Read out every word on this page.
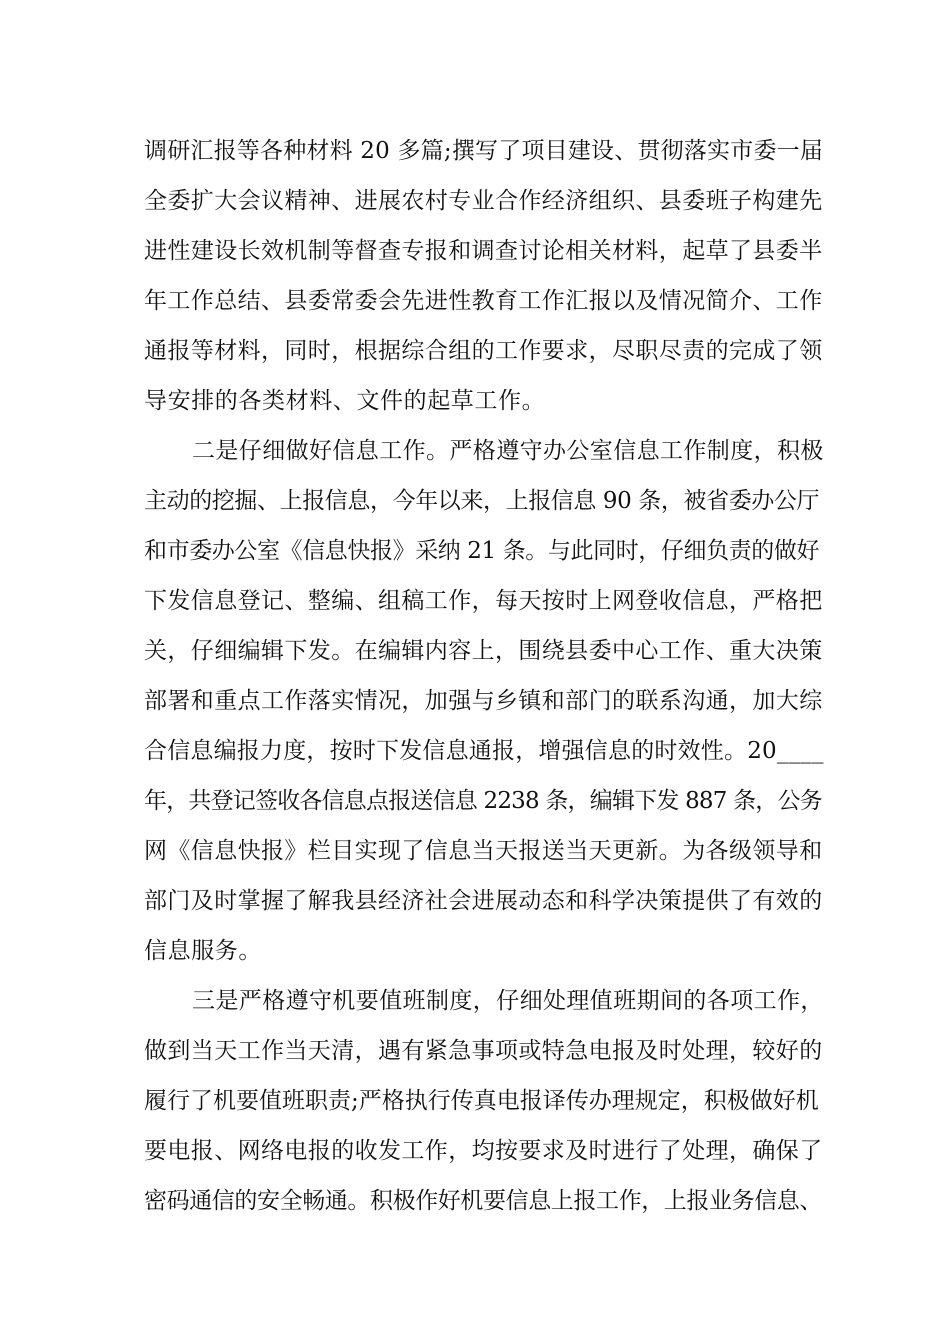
调研汇报等各种材料 20 多篇;撰写了项目建设、贯彻落实市委一届
全委扩大会议精神、进展农村专业合作经济组织、县委班子构建先
进性建设长效机制等督查专报和调查讨论相关材料，起草了县委半
年工作总结、县委常委会先进性教育工作汇报以及情况简介、工作
通报等材料，同时，根据综合组的工作要求，尽职尽责的完成了领
导安排的各类材料、文件的起草工作。
二是仔细做好信息工作。严格遵守办公室信息工作制度，积极
主动的挖掘、上报信息，今年以来，上报信息 90 条，被省委办公厅
和市委办公室《信息快报》采纳 21 条。与此同时，仔细负责的做好
下发信息登记、整编、组稿工作，每天按时上网登收信息，严格把
关，仔细编辑下发。在编辑内容上，围绕县委中心工作、重大决策
部署和重点工作落实情况，加强与乡镇和部门的联系沟通，加大综
合信息编报力度，按时下发信息通报，增强信息的时效性。20____
年，共登记签收各信息点报送信息 2238 条，编辑下发 887 条，公务
网《信息快报》栏目实现了信息当天报送当天更新。为各级领导和
部门及时掌握了解我县经济社会进展动态和科学决策提供了有效的
信息服务。
三是严格遵守机要值班制度，仔细处理值班期间的各项工作，
做到当天工作当天清，遇有紧急事项或特急电报及时处理，较好的
履行了机要值班职责;严格执行传真电报译传办理规定，积极做好机
要电报、网络电报的收发工作，均按要求及时进行了处理，确保了
密码通信的安全畅通。积极作好机要信息上报工作，上报业务信息、
